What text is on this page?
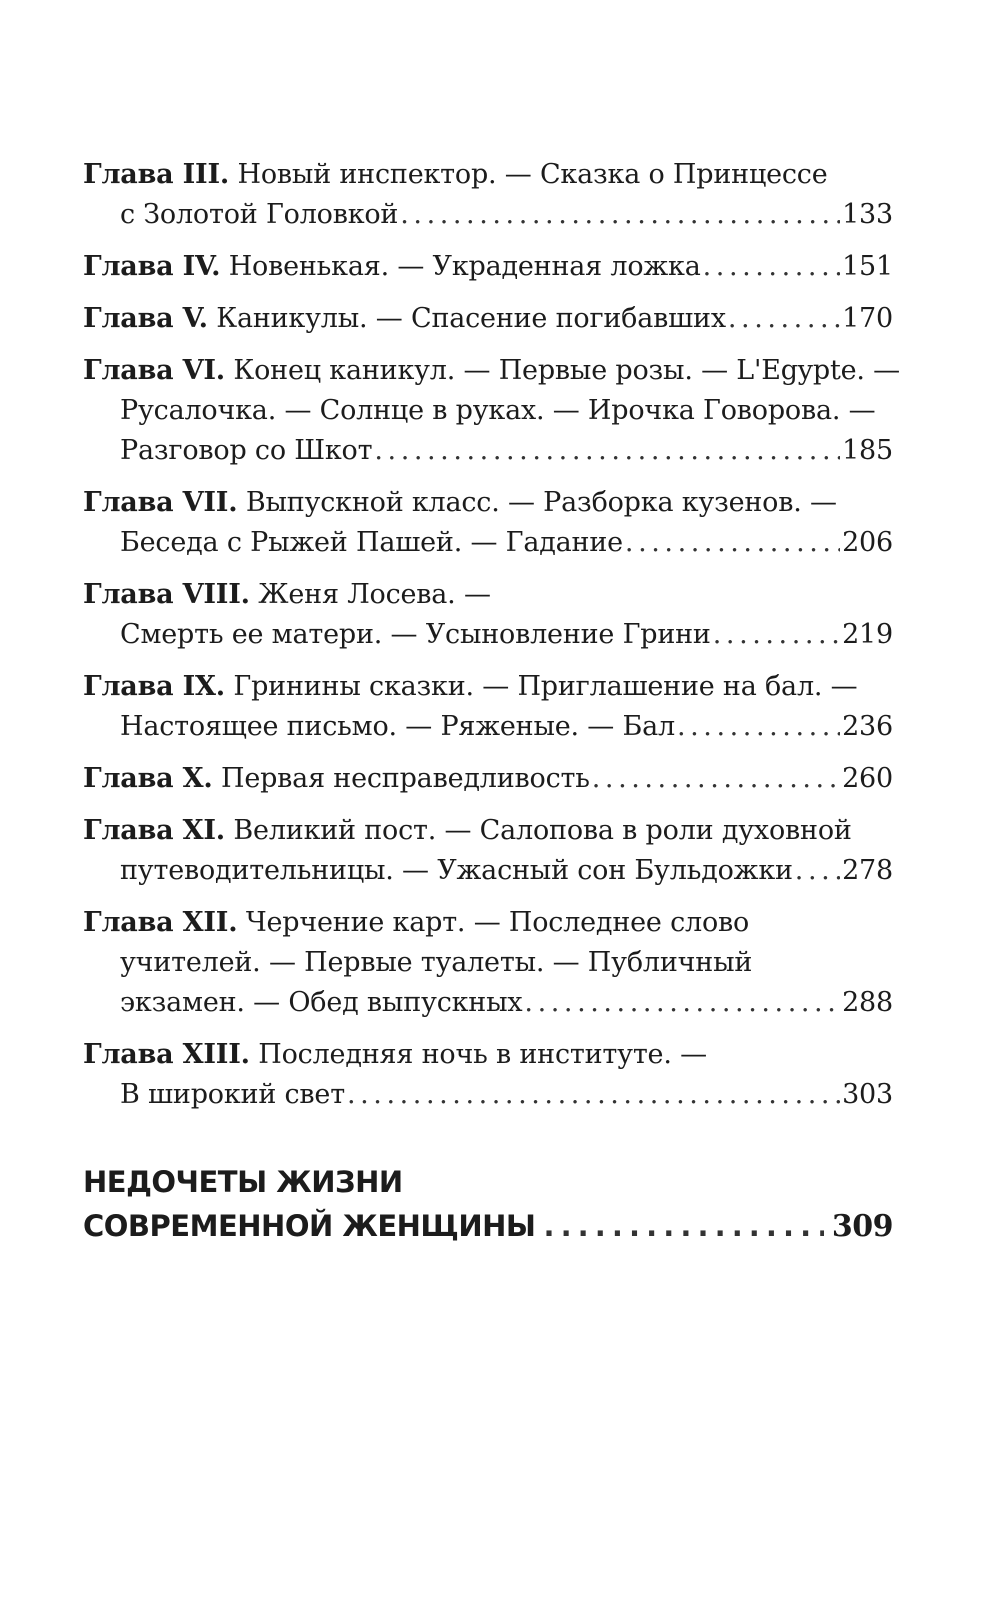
Глава III. Новый инспектор. — Сказка о Принцессе
с Золотой Головкой . . .	133
Глава IV. Новенькая. — Украденная ложка . . .	151
Глава V. Каникулы. — Спасение погибавших . . .	170
Глава VI. Конец каникул. — Первые розы. — L'Egypte. —
Русалочка. — Солнце в руках. — Ирочка Говорова. —
Разговор со Шкот . . .	185
Глава VII. Выпускной класс. — Разборка кузенов. —
Беседа с Рыжей Пашей. — Гадание . . .	206
Глава VIII. Женя Лосева. —
Смерть ее матери. — Усыновление Грини . . .	219
Глава IX. Гринины сказки. — Приглашение на бал. —
Настоящее письмо. — Ряженые. — Бал . . .	236
Глава X. Первая несправедливость . . .	260
Глава XI. Великий пост. — Салопова в роли духовной
путеводительницы. — Ужасный сон Бульдожки . . . 278
Глава XII. Черчение карт. — Последнее слово
учителей. — Первые туалеты. — Публичный
экзамен. — Обед выпускных . . .	288
Глава XIII. Последняя ночь в институте. —
В широкий свет . . .	303
НЕДОЧЕТЫ ЖИЗНИ
СОВРЕМЕННОЙ ЖЕНЩИНЫ . . .	309
